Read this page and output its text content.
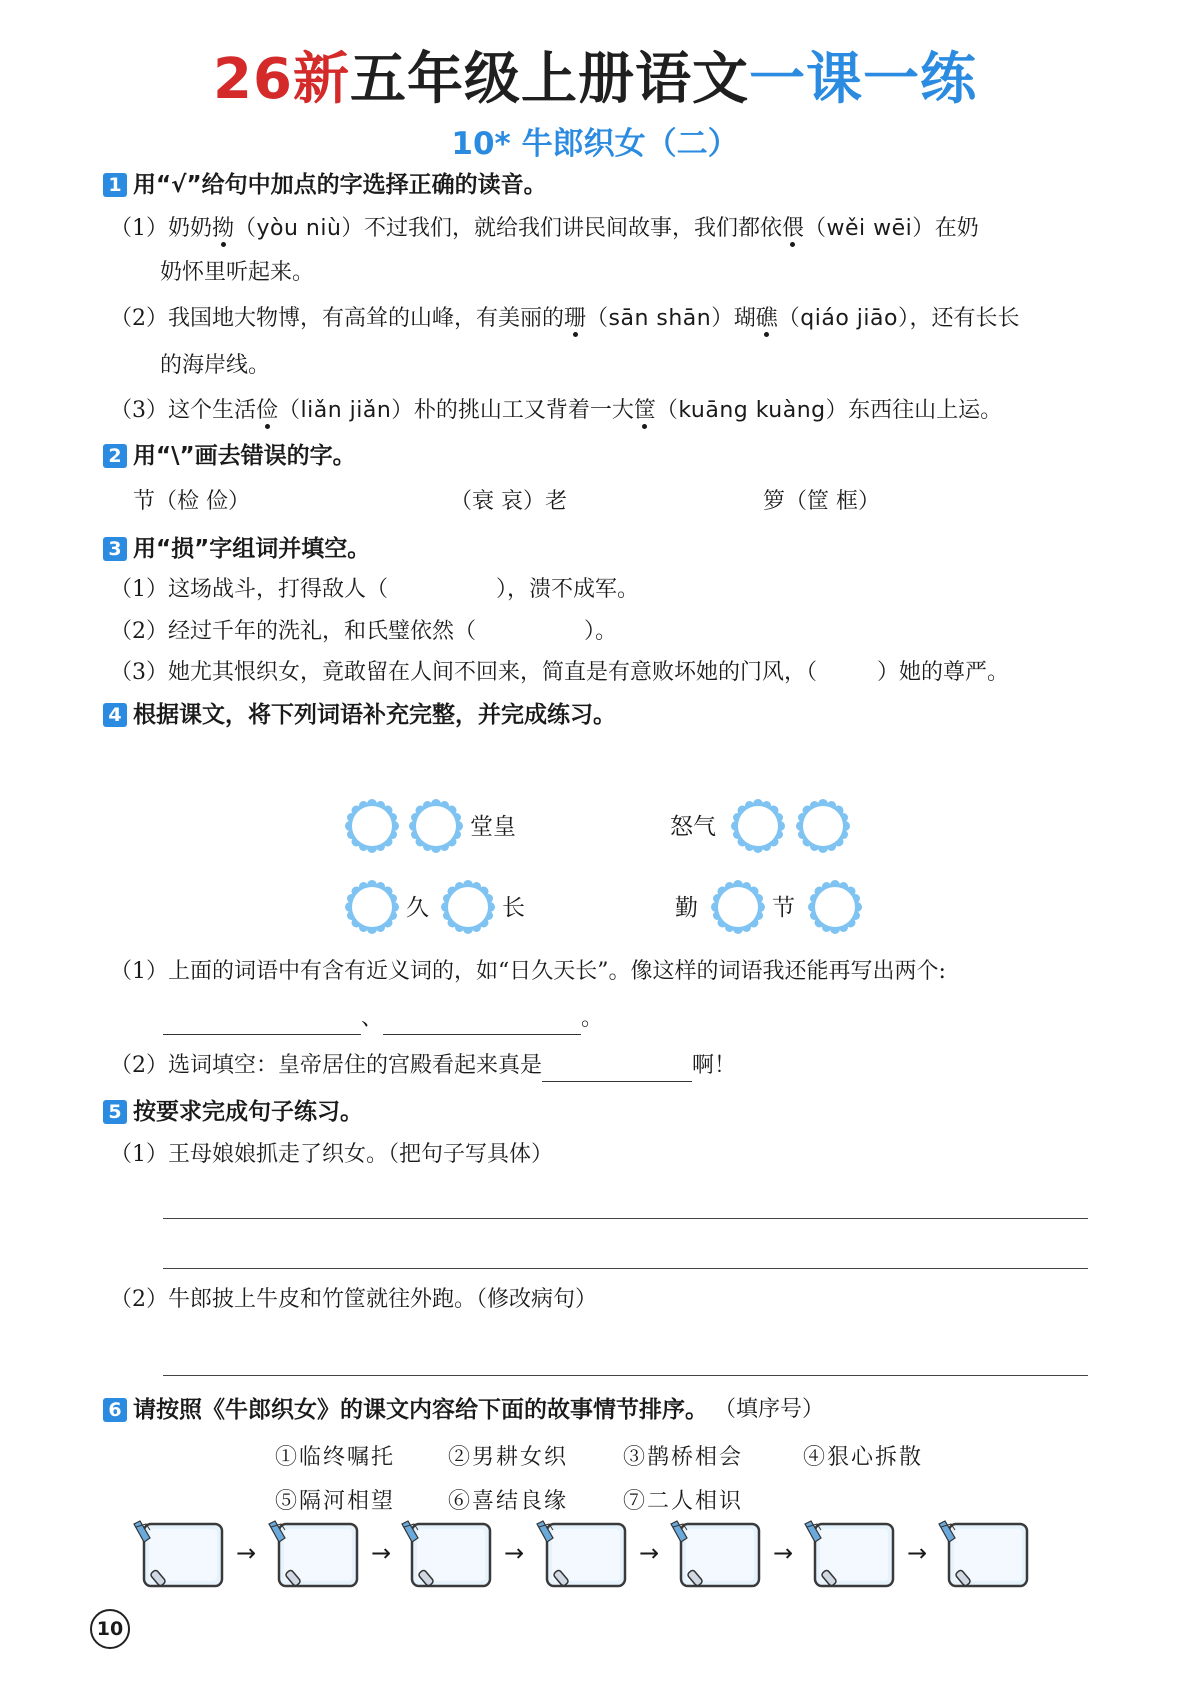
26新五年级上册语文一课一练
10* 牛郎织女（二）
1 用“√”给句中加点的字选择正确的读音。
（1）奶奶拗（yòu niù）不过我们，就给我们讲民间故事，我们都依偎（wěi wēi）在奶
奶怀里听起来。
（2）我国地大物博，有高耸的山峰，有美丽的珊（sān shān）瑚礁（qiáo jiāo），还有长长
的海岸线。
（3）这个生活俭（liǎn jiǎn）朴的挑山工又背着一大筐（kuāng kuàng）东西往山上运。
2 用“\”画去错误的字。
节（检 俭）	（衰 哀）老	箩（筐 框）
3 用“损”字组词并填空。
（1）这场战斗，打得敌人（	），溃不成军。
（2）经过千年的洗礼，和氏璧依然（	）。
（3）她尤其恨织女，竟敢留在人间不回来，简直是有意败坏她的门风，（	）她的尊严。
4 根据课文，将下列词语补充完整，并完成练习。
堂皇	怒气
久	长	勤	节
（1）上面的词语中有含有近义词的，如“日久天长”。像这样的词语我还能再写出两个:
、	。
（2）选词填空：皇帝居住的宫殿看起来真是	啊！
5 按要求完成句子练习。
（1）王母娘娘抓走了织女。（把句子写具体）
（2）牛郎披上牛皮和竹筐就往外跑。（修改病句）
6 请按照《牛郎织女》的课文内容给下面的故事情节排序。 （填序号）
①临终嘱托 ②男耕女织 ③鹊桥相会	④狠心拆散
⑤隔河相望 ⑥喜结良缘 ⑦二人相识
→	→	→	→	→	→
10
